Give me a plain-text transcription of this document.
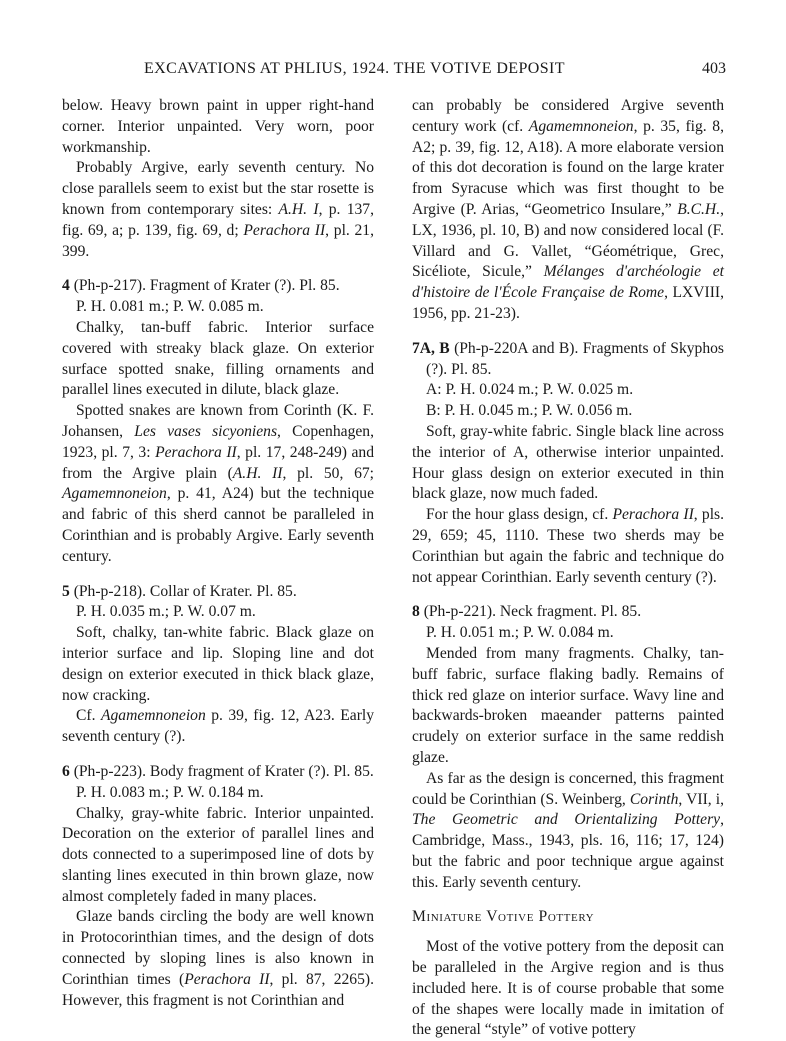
EXCAVATIONS AT PHLIUS, 1924. THE VOTIVE DEPOSIT	403

below. Heavy brown paint in upper right-hand corner. Interior unpainted. Very worn, poor workmanship.

Probably Argive, early seventh century. No close parallels seem to exist but the star rosette is known from contemporary sites: A.H. I, p. 137, fig. 69, a; p. 139, fig. 69, d; Perachora II, pl. 21, 399.

4 (Ph-p-217). Fragment of Krater (?). Pl. 85.

P. H. 0.081 m.; P. W. 0.085 m.

Chalky, tan-buff fabric. Interior surface covered with streaky black glaze. On exterior surface spotted snake, filling ornaments and parallel lines executed in dilute, black glaze.

Spotted snakes are known from Corinth (K. F. Johansen, Les vases sicyoniens, Copenhagen, 1923, pl. 7, 3: Perachora II, pl. 17, 248-249) and from the Argive plain (A.H. II, pl. 50, 67; Agamemnoneion, p. 41, A24) but the technique and fabric of this sherd cannot be paralleled in Corinthian and is probably Argive. Early seventh century.

5 (Ph-p-218). Collar of Krater. Pl. 85.

P. H. 0.035 m.; P. W. 0.07 m.

Soft, chalky, tan-white fabric. Black glaze on interior surface and lip. Sloping line and dot design on exterior executed in thick black glaze, now cracking.

Cf. Agamemnoneion p. 39, fig. 12, A23. Early seventh century (?).

6 (Ph-p-223). Body fragment of Krater (?). Pl. 85.

P. H. 0.083 m.; P. W. 0.184 m.

Chalky, gray-white fabric. Interior unpainted. Decoration on the exterior of parallel lines and dots connected to a superimposed line of dots by slanting lines executed in thin brown glaze, now almost completely faded in many places.

Glaze bands circling the body are well known in Protocorinthian times, and the design of dots connected by sloping lines is also known in Corinthian times (Perachora II, pl. 87, 2265). However, this fragment is not Corinthian and

can probably be considered Argive seventh century work (cf. Agamemnoneion, p. 35, fig. 8, A2; p. 39, fig. 12, A18). A more elaborate version of this dot decoration is found on the large krater from Syracuse which was first thought to be Argive (P. Arias, “Geometrico Insulare,” B.C.H., LX, 1936, pl. 10, B) and now considered local (F. Villard and G. Vallet, “Géométrique, Grec, Sicéliote, Sicule,” Mélanges d'archéologie et d'histoire de l'École Française de Rome, LXVIII, 1956, pp. 21-23).

7A, B (Ph-p-220A and B). Fragments of Skyphos (?). Pl. 85.

A: P. H. 0.024 m.; P. W. 0.025 m.

B: P. H. 0.045 m.; P. W. 0.056 m.

Soft, gray-white fabric. Single black line across the interior of A, otherwise interior unpainted. Hour glass design on exterior executed in thin black glaze, now much faded.

For the hour glass design, cf. Perachora II, pls. 29, 659; 45, 1110. These two sherds may be Corinthian but again the fabric and technique do not appear Corinthian. Early seventh century (?).

8 (Ph-p-221). Neck fragment. Pl. 85.

P. H. 0.051 m.; P. W. 0.084 m.

Mended from many fragments. Chalky, tan-buff fabric, surface flaking badly. Remains of thick red glaze on interior surface. Wavy line and backwards-broken maeander patterns painted crudely on exterior surface in the same reddish glaze.

As far as the design is concerned, this fragment could be Corinthian (S. Weinberg, Corinth, VII, i, The Geometric and Orientalizing Pottery, Cambridge, Mass., 1943, pls. 16, 116; 17, 124) but the fabric and poor technique argue against this. Early seventh century.

Miniature Votive Pottery

Most of the votive pottery from the deposit can be paralleled in the Argive region and is thus included here. It is of course probable that some of the shapes were locally made in imitation of the general “style” of votive pottery
